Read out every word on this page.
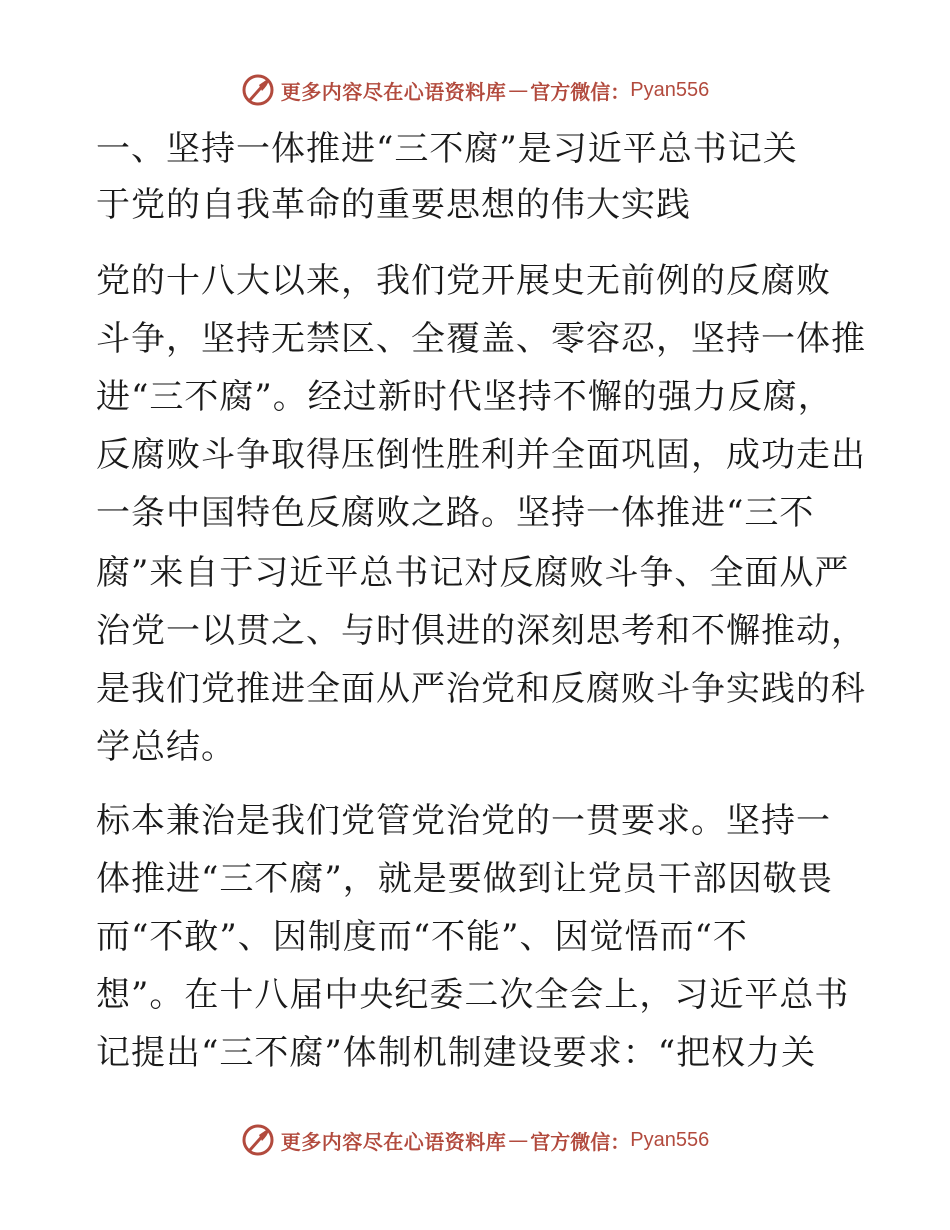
更多内容尽在心语资料库 — 官方微信： Pyan556
一、坚持一体推进“三不腐”是习近平总书记关
于党的自我革命的重要思想的伟大实践
党的十八大以来，我们党开展史无前例的反腐败
斗争，坚持无禁区、全覆盖、零容忍，坚持一体推
进“三不腐”。经过新时代坚持不懈的强力反腐，
反腐败斗争取得压倒性胜利并全面巩固，成功走出
一条中国特色反腐败之路。坚持一体推进“三不
腐”来自于习近平总书记对反腐败斗争、全面从严
治党一以贯之、与时俱进的深刻思考和不懈推动，
是我们党推进全面从严治党和反腐败斗争实践的科
学总结。
标本兼治是我们党管党治党的一贯要求。坚持一
体推进“三不腐”，就是要做到让党员干部因敬畏
而“不敢”、因制度而“不能”、因觉悟而“不
想”。在十八届中央纪委二次全会上，习近平总书
记提出“三不腐”体制机制建设要求：“把权力关
更多内容尽在心语资料库 — 官方微信： Pyan556
